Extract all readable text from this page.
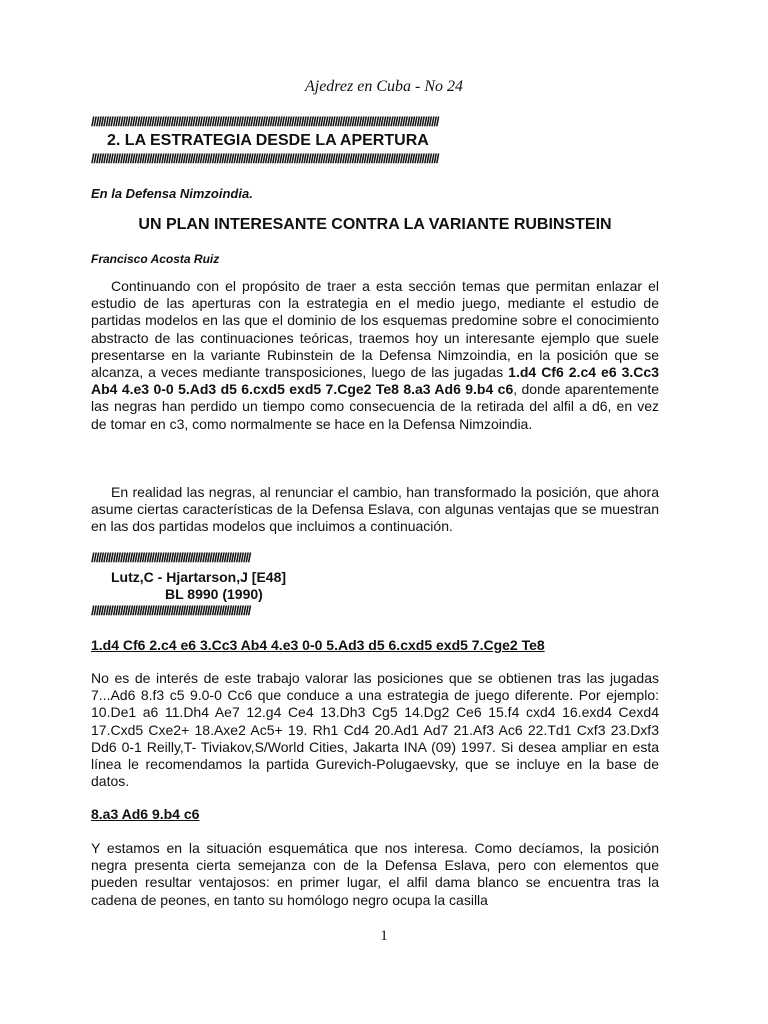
Ajedrez en Cuba - No 24
////////////////////////////////////////////////////////////////////////////////////////////////////////////////////////////////////////////////
2. LA ESTRATEGIA DESDE LA APERTURA
////////////////////////////////////////////////////////////////////////////////////////////////////////////////////////////////////////////////
En la Defensa Nimzoindia.
UN PLAN INTERESANTE CONTRA LA VARIANTE RUBINSTEIN
Francisco Acosta Ruiz
Continuando con el propósito de traer a esta sección temas que permitan enlazar el estudio de las aperturas con la estrategia en el medio juego, mediante el estudio de partidas modelos en las que el dominio de los esquemas predomine sobre el conocimiento abstracto de las continuaciones teóricas, traemos hoy un interesante ejemplo que suele presentarse en la variante Rubinstein de la Defensa Nimzoindia, en la posición que se alcanza, a veces mediante transposiciones, luego de las jugadas 1.d4 Cf6 2.c4 e6 3.Cc3 Ab4 4.e3 0-0 5.Ad3 d5 6.cxd5 exd5 7.Cge2 Te8 8.a3 Ad6 9.b4 c6, donde aparentemente las negras han perdido un tiempo como consecuencia de la retirada del alfil a d6, en vez de tomar en c3, como normalmente se hace en la Defensa Nimzoindia.
En realidad las negras, al renunciar el cambio, han transformado la posición, que ahora asume ciertas características de la Defensa Eslava, con algunas ventajas que se muestran en las dos partidas modelos que incluimos a continuación.
//////////////////////////////////////////////////////////////////
Lutz,C - Hjartarson,J [E48]
BL 8990 (1990)
//////////////////////////////////////////////////////////////////
1.d4 Cf6 2.c4 e6 3.Cc3 Ab4 4.e3 0-0 5.Ad3 d5 6.cxd5 exd5 7.Cge2 Te8
No es de interés de este trabajo valorar las posiciones que se obtienen tras las jugadas 7...Ad6 8.f3 c5 9.0-0 Cc6 que conduce a una estrategia de juego diferente. Por ejemplo: 10.De1 a6 11.Dh4 Ae7 12.g4 Ce4 13.Dh3 Cg5 14.Dg2 Ce6 15.f4 cxd4 16.exd4 Cexd4 17.Cxd5 Cxe2+ 18.Axe2 Ac5+ 19. Rh1 Cd4 20.Ad1 Ad7 21.Af3 Ac6 22.Td1 Cxf3 23.Dxf3 Dd6 0-1 Reilly,T- Tiviakov,S/World Cities, Jakarta INA (09) 1997. Si desea ampliar en esta línea le recomendamos la partida Gurevich-Polugaevsky, que se incluye en la base de datos.
8.a3 Ad6 9.b4 c6
Y estamos en la situación esquemática que nos interesa. Como decíamos, la posición negra presenta cierta semejanza con de la Defensa Eslava, pero con elementos que pueden resultar ventajosos: en primer lugar, el alfil dama blanco se encuentra tras la cadena de peones, en tanto su homólogo negro ocupa la casilla
1
